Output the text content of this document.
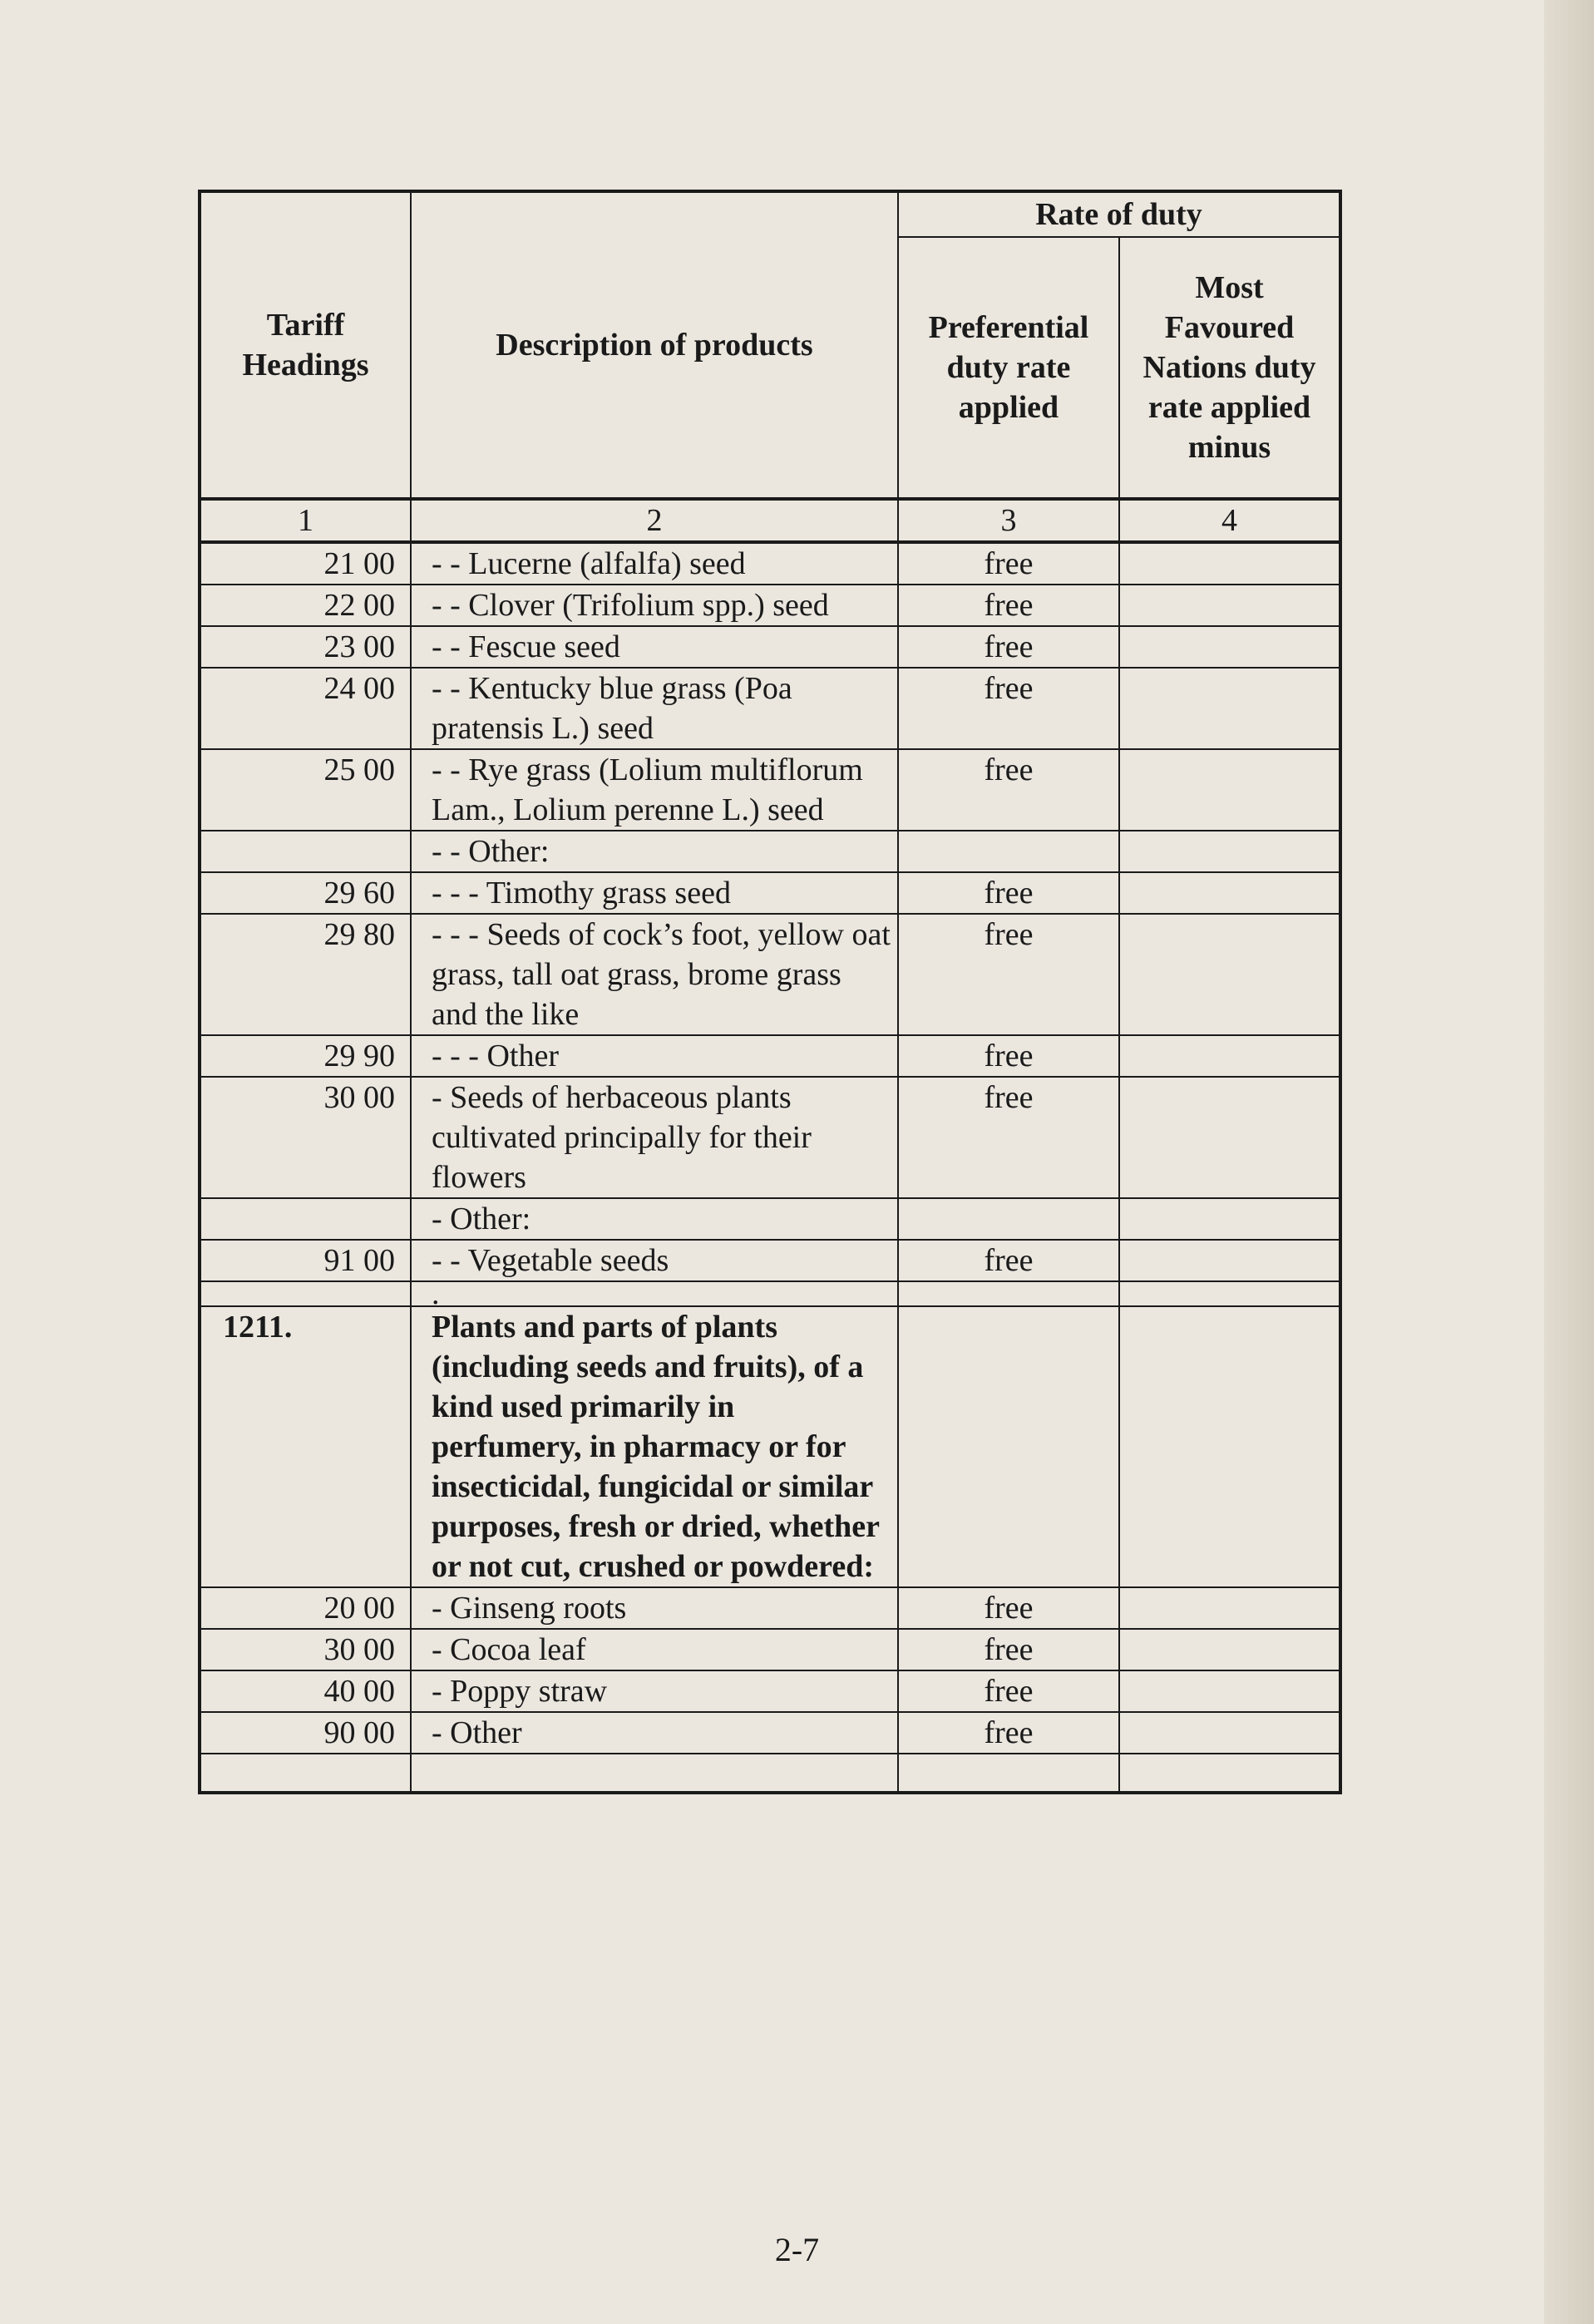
Tariff Headings	Description of products	Rate of duty	
		Preferential duty rate applied	Most Favoured Nations duty rate applied minus
1	2	3	4
21 00	- - Lucerne (alfalfa) seed	free	
22 00	- - Clover (Trifolium spp.) seed	free	
23 00	- - Fescue seed	free	
24 00	- - Kentucky blue grass (Poa pratensis L.) seed	free	
25 00	- - Rye grass (Lolium multiflorum Lam., Lolium perenne L.) seed	free	
	- - Other:		
29 60	- - - Timothy grass seed	free	
29 80	- - - Seeds of cock’s foot, yellow oat grass, tall oat grass, brome grass and the like	free	
29 90	- - - Other	free	
30 00	- Seeds of herbaceous plants cultivated principally for their flowers	free	
	- Other:		
91 00	- - Vegetable seeds	free	
	.		
1211.	Plants and parts of plants (including seeds and fruits), of a kind used primarily in perfumery, in pharmacy or for insecticidal, fungicidal or similar purposes, fresh or dried, whether or not cut, crushed or powdered:		
20 00	- Ginseng roots	free	
30 00	- Cocoa leaf	free	
40 00	- Poppy straw	free	
90 00	- Other	free	

2-7
